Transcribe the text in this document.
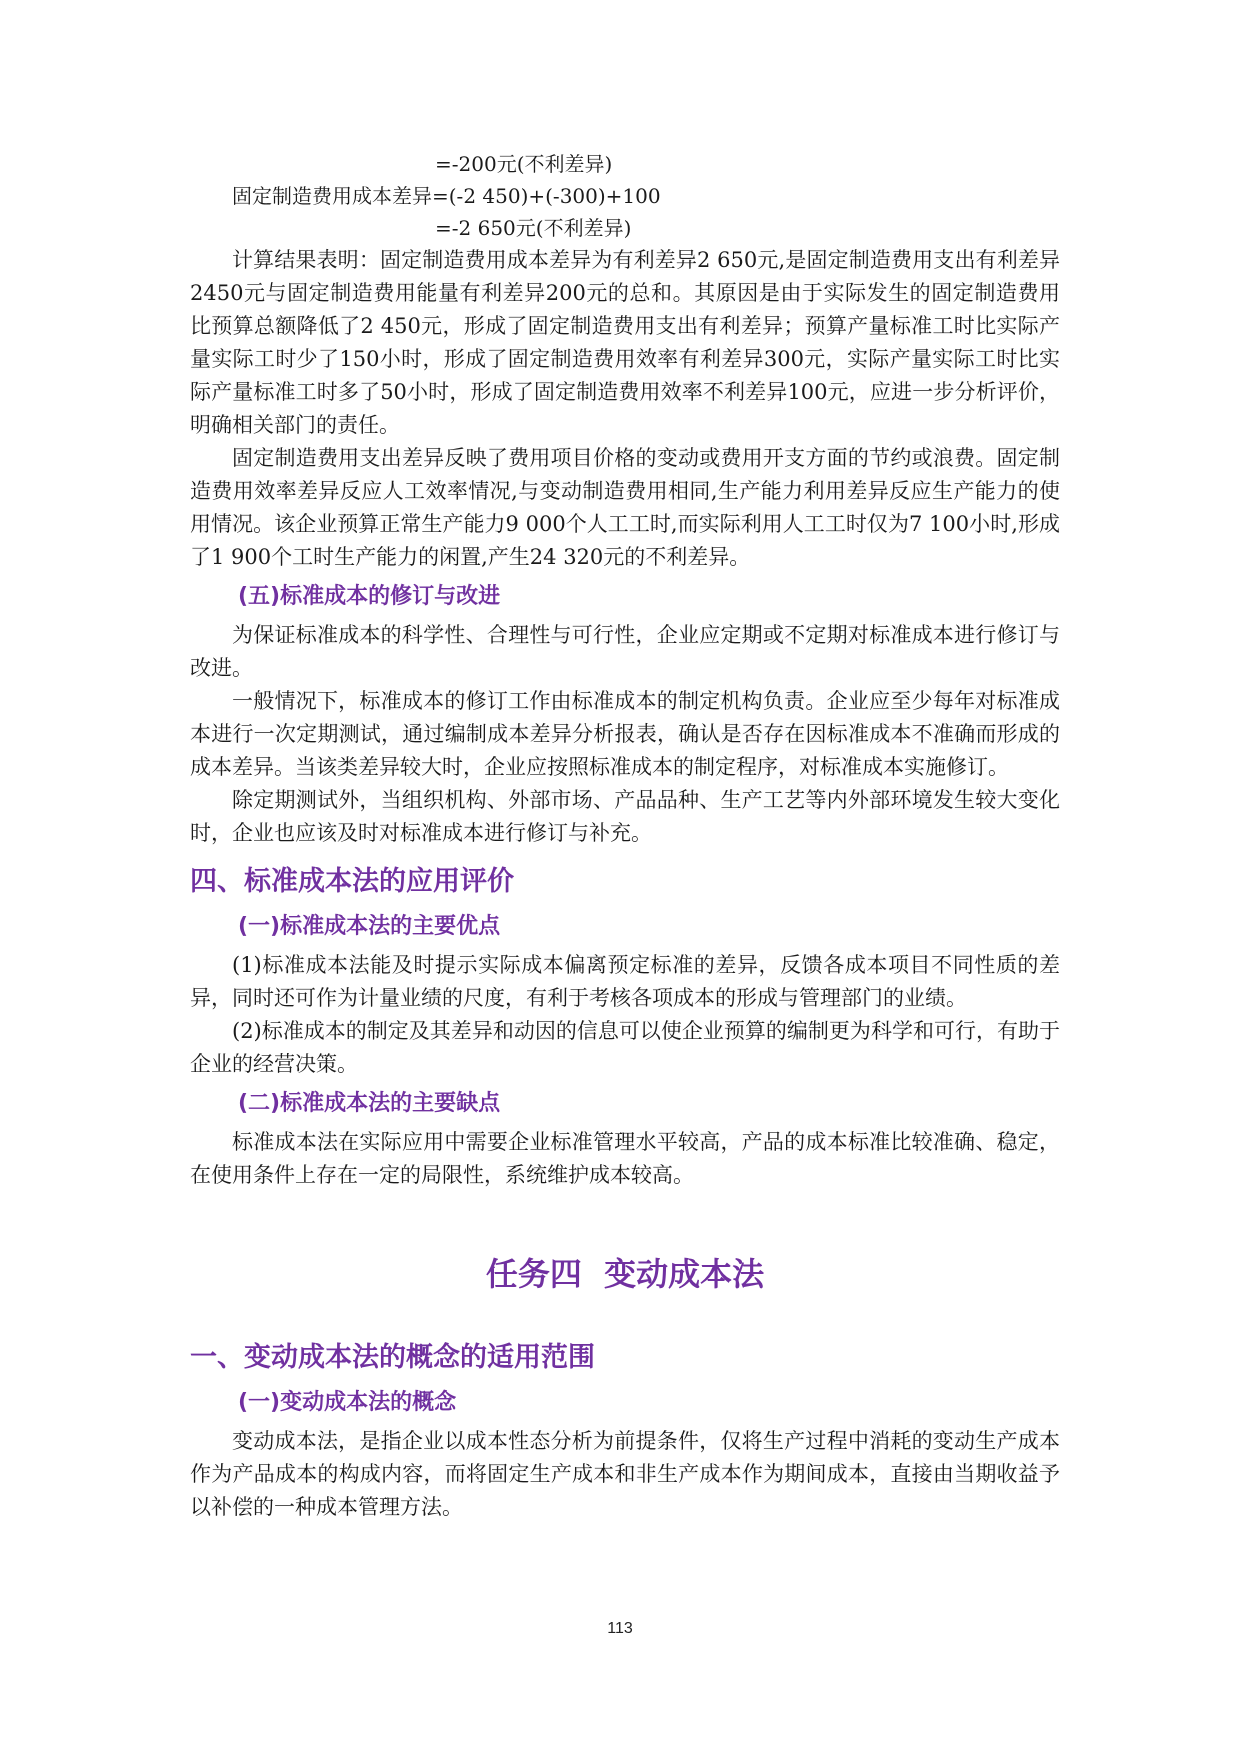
=-200元(不利差异)

固定制造费用成本差异=(-2 450)+(-300)+100

=-2 650元(不利差异)

计算结果表明：固定制造费用成本差异为有利差异2 650元,是固定制造费用支出有利差异2450元与固定制造费用能量有利差异200元的总和。其原因是由于实际发生的固定制造费用比预算总额降低了2 450元，形成了固定制造费用支出有利差异；预算产量标准工时比实际产量实际工时少了150小时，形成了固定制造费用效率有利差异300元，实际产量实际工时比实际产量标准工时多了50小时，形成了固定制造费用效率不利差异100元，应进一步分析评价，明确相关部门的责任。

固定制造费用支出差异反映了费用项目价格的变动或费用开支方面的节约或浪费。固定制造费用效率差异反应人工效率情况,与变动制造费用相同,生产能力利用差异反应生产能力的使用情况。该企业预算正常生产能力9 000个人工工时,而实际利用人工工时仅为7 100小时,形成了1 900个工时生产能力的闲置,产生24 320元的不利差异。

(五)标准成本的修订与改进

为保证标准成本的科学性、合理性与可行性，企业应定期或不定期对标准成本进行修订与改进。

一般情况下，标准成本的修订工作由标准成本的制定机构负责。企业应至少每年对标准成本进行一次定期测试，通过编制成本差异分析报表，确认是否存在因标准成本不准确而形成的成本差异。当该类差异较大时，企业应按照标准成本的制定程序，对标准成本实施修订。

除定期测试外，当组织机构、外部市场、产品品种、生产工艺等内外部环境发生较大变化时，企业也应该及时对标准成本进行修订与补充。

四、标准成本法的应用评价
(一)标准成本法的主要优点

(1)标准成本法能及时提示实际成本偏离预定标准的差异，反馈各成本项目不同性质的差异，同时还可作为计量业绩的尺度，有利于考核各项成本的形成与管理部门的业绩。

(2)标准成本的制定及其差异和动因的信息可以使企业预算的编制更为科学和可行，有助于企业的经营决策。

(二)标准成本法的主要缺点

标准成本法在实际应用中需要企业标准管理水平较高，产品的成本标准比较准确、稳定，在使用条件上存在一定的局限性，系统维护成本较高。

任务四  变动成本法
一、变动成本法的概念的适用范围
(一)变动成本法的概念

变动成本法，是指企业以成本性态分析为前提条件，仅将生产过程中消耗的变动生产成本作为产品成本的构成内容，而将固定生产成本和非生产成本作为期间成本，直接由当期收益予以补偿的一种成本管理方法。

113
